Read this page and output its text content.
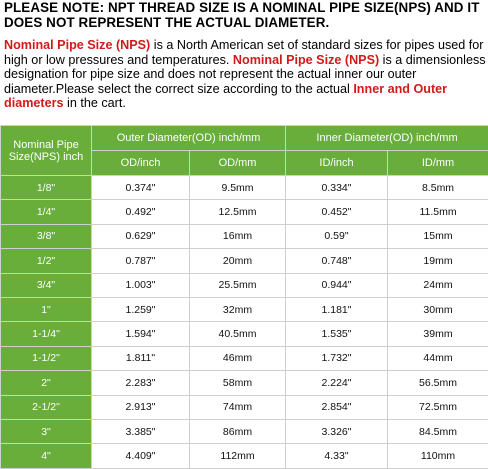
PLEASE NOTE: NPT THREAD SIZE IS A NOMINAL PIPE SIZE(NPS) AND IT DOES NOT REPRESENT THE ACTUAL DIAMETER.
Nominal Pipe Size (NPS) is a North American set of standard sizes for pipes used for high or low pressures and temperatures. Nominal Pipe Size (NPS) is a dimensionless designation for pipe size and does not represent the actual inner our outer diameter.Please select the correct size according to the actual Inner and Outer diameters in the cart.
Nominal Pipe Size(NPS) inch	Outer Diameter(OD) inch/mm		Inner Diameter(OD) inch/mm	
	OD/inch	OD/mm	ID/inch	ID/mm
1/8"	0.374"	9.5mm	0.334"	8.5mm
1/4"	0.492"	12.5mm	0.452"	11.5mm
3/8"	0.629"	16mm	0.59"	15mm
1/2"	0.787"	20mm	0.748"	19mm
3/4"	1.003"	25.5mm	0.944"	24mm
1"	1.259"	32mm	1.181"	30mm
1-1/4"	1.594"	40.5mm	1.535"	39mm
1-1/2"	1.811"	46mm	1.732"	44mm
2"	2.283"	58mm	2.224"	56.5mm
2-1/2"	2.913"	74mm	2.854"	72.5mm
3"	3.385"	86mm	3.326"	84.5mm
4"	4.409"	112mm	4.33"	110mm
